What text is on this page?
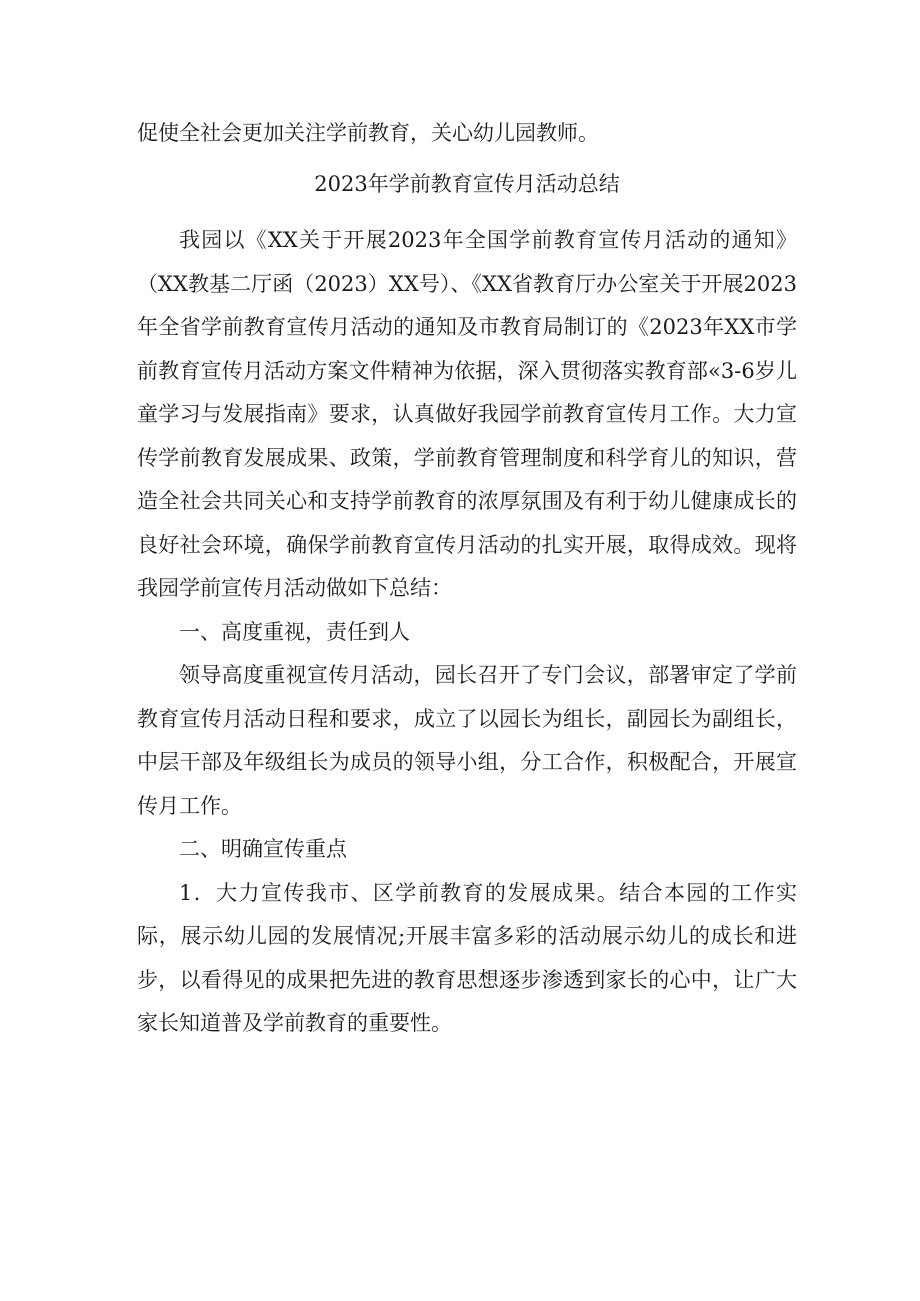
促使全社会更加关注学前教育，关心幼儿园教师。

2023年学前教育宣传月活动总结

我园以《XX关于开展2023年全国学前教育宣传月活动的通知》（XX教基二厅函（2023）XX号）、《XX省教育厅办公室关于开展2023年全省学前教育宣传月活动的通知及市教育局制订的《2023年XX市学前教育宣传月活动方案文件精神为依据，深入贯彻落实教育部«3-6岁儿童学习与发展指南》要求，认真做好我园学前教育宣传月工作。大力宣传学前教育发展成果、政策，学前教育管理制度和科学育儿的知识，营造全社会共同关心和支持学前教育的浓厚氛围及有利于幼儿健康成长的良好社会环境，确保学前教育宣传月活动的扎实开展，取得成效。现将我园学前宣传月活动做如下总结：

一、高度重视，责任到人

领导高度重视宣传月活动，园长召开了专门会议，部署审定了学前教育宣传月活动日程和要求，成立了以园长为组长，副园长为副组长，中层干部及年级组长为成员的领导小组，分工合作，积极配合，开展宣传月工作。

二、明确宣传重点

1．大力宣传我市、区学前教育的发展成果。结合本园的工作实际，展示幼儿园的发展情况;开展丰富多彩的活动展示幼儿的成长和进步，以看得见的成果把先进的教育思想逐步渗透到家长的心中，让广大家长知道普及学前教育的重要性。
